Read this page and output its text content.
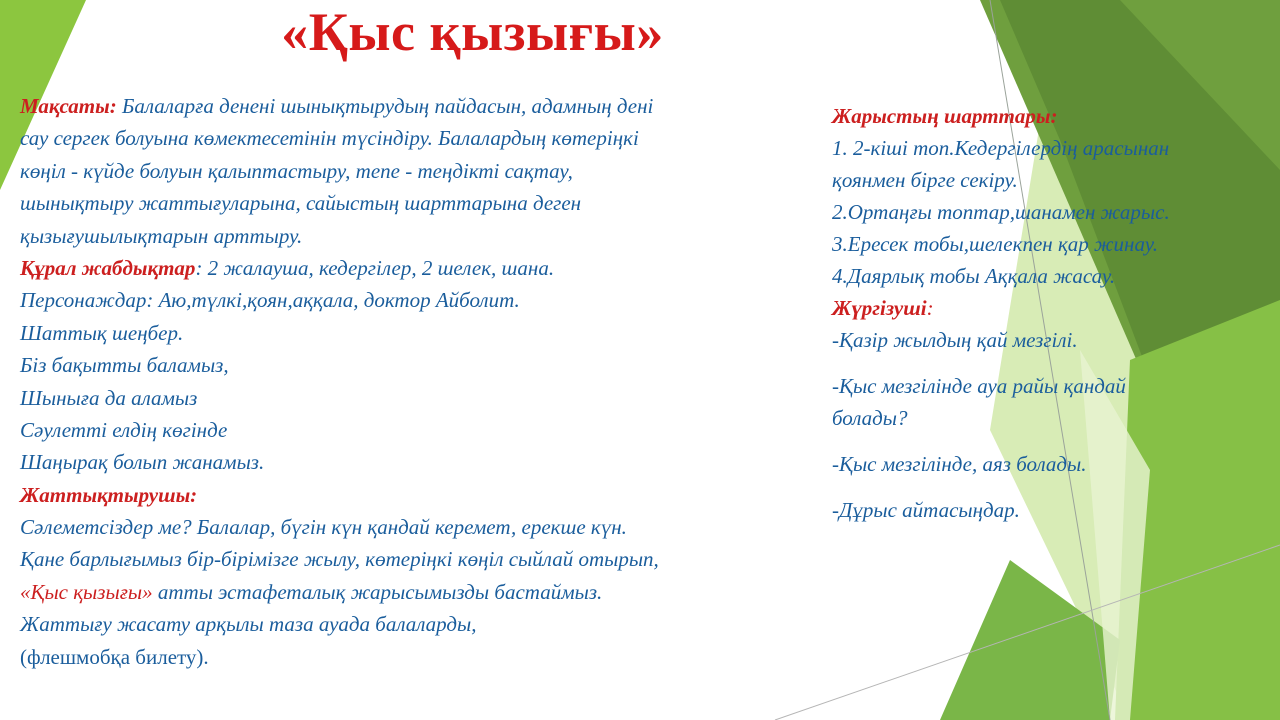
«Қыс қызығы»
Мақсаты: Балаларға денені шынықтырудың пайдасын, адамның дені
сау сергек болуына көмектесетінін түсіндіру. Балалардың көтеріңкі
көңіл - күйде болуын қалыптастыру, тепе - теңдікті сақтау,
шынықтыру жаттығуларына, сайыстың шарттарына деген
қызығушылықтарын арттыру.
Құрал жабдықтар: 2 жалауша, кедергілер, 2 шелек, шана.
Персонаждар: Аю,түлкі,қоян,аққала, доктор Айболит.
Шаттық шеңбер.
Біз бақытты баламыз,
Шыныға да аламыз
Сәулетті елдің көгінде
Шаңырақ болып жанамыз.
Жаттықтырушы:
Сәлеметсіздер ме? Балалар, бүгін күн қандай керемет, ерекше күн.
Қане барлығымыз бір-бірімізге жылу, көтеріңкі көңіл сыйлай отырып,
«Қыс қызығы» атты эстафеталық жарысымызды бастаймыз.
Жаттығу жасату арқылы таза ауада балаларды,
(флешмобқа билету).
Жарыстың шарттары:
1. 2-кіші топ.Кедергілердің арасынан
қоянмен бірге секіру.
2.Ортаңғы топтар,шанамен жарыс.
3.Ересек тобы,шелекпен қар жинау.
4.Даярлық тобы Аққала жасау.
Жүргізуші:
-Қазір жылдың қай мезгілі.
-Қыс мезгілінде ауа райы қандай
болады?
-Қыс мезгілінде, аяз болады.
-Дұрыс айтасыңдар.
